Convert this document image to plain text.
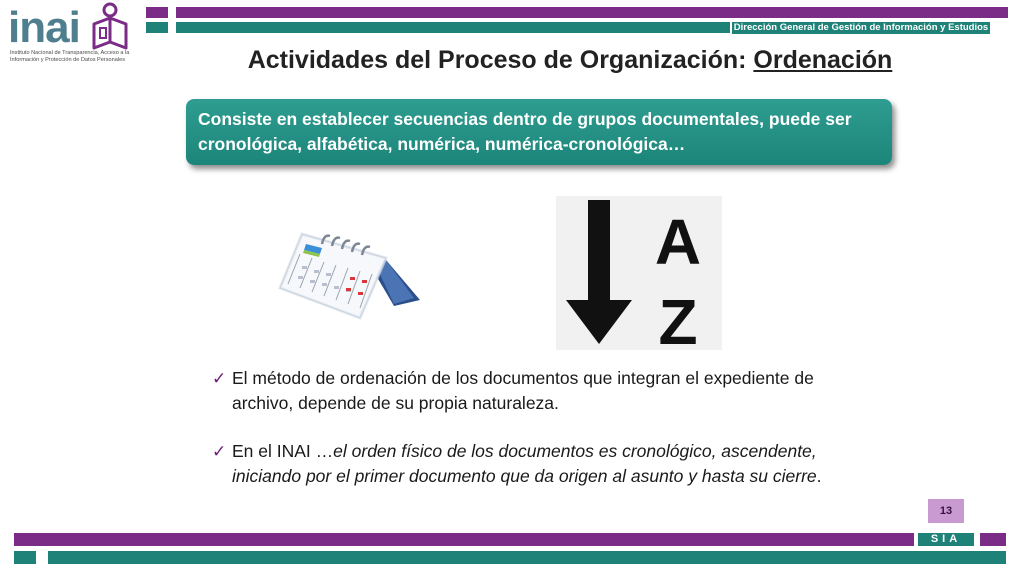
inai
Instituto Nacional de Transparencia, Acceso a la Información y Protección de Datos Personales
Dirección General de Gestión de Información y Estudios
Actividades del Proceso de Organización: Ordenación
Consiste en establecer secuencias dentro de grupos documentales, puede ser cronológica, alfabética, numérica, numérica-cronológica…
A
Z
✓ El método de ordenación de los documentos que integran el expediente de archivo, depende de su propia naturaleza.
✓ En el INAI …el orden físico de los documentos es cronológico, ascendente, iniciando por el primer documento que da origen al asunto y hasta su cierre.
13
SIA
